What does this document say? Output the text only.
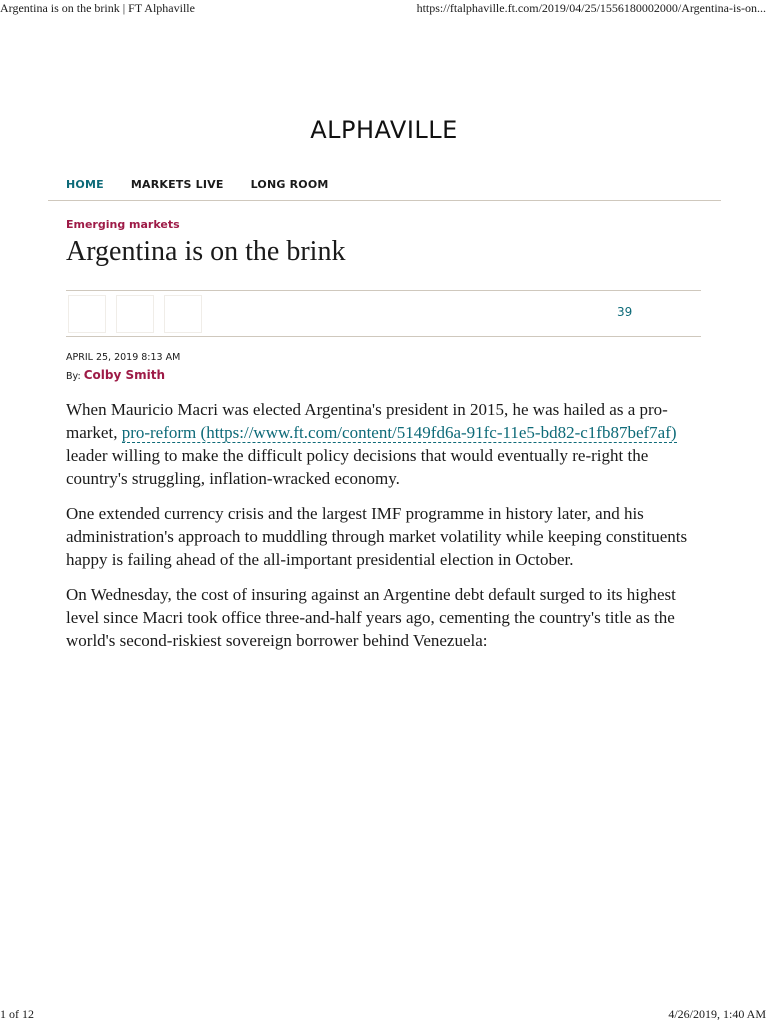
Argentina is on the brink | FT Alphaville	https://ftalphaville.ft.com/2019/04/25/1556180002000/Argentina-is-on...
ALPHAVILLE
HOME MARKETS LIVE LONG ROOM
Emerging markets
Argentina is on the brink
39
APRIL 25, 2019 8:13 AM
By: Colby Smith

When Mauricio Macri was elected Argentina's president in 2015, he was hailed as a pro-market, pro-reform (https://www.ft.com/content/5149fd6a-91fc-11e5-bd82-c1fb87bef7af) leader willing to make the difficult policy decisions that would eventually re-right the country's struggling, inflation-wracked economy.

One extended currency crisis and the largest IMF programme in history later, and his administration's approach to muddling through market volatility while keeping constituents happy is failing ahead of the all-important presidential election in October.

On Wednesday, the cost of insuring against an Argentine debt default surged to its highest level since Macri took office three-and-half years ago, cementing the country's title as the world's second-riskiest sovereign borrower behind Venezuela:

1 of 12	4/26/2019, 1:40 AM
